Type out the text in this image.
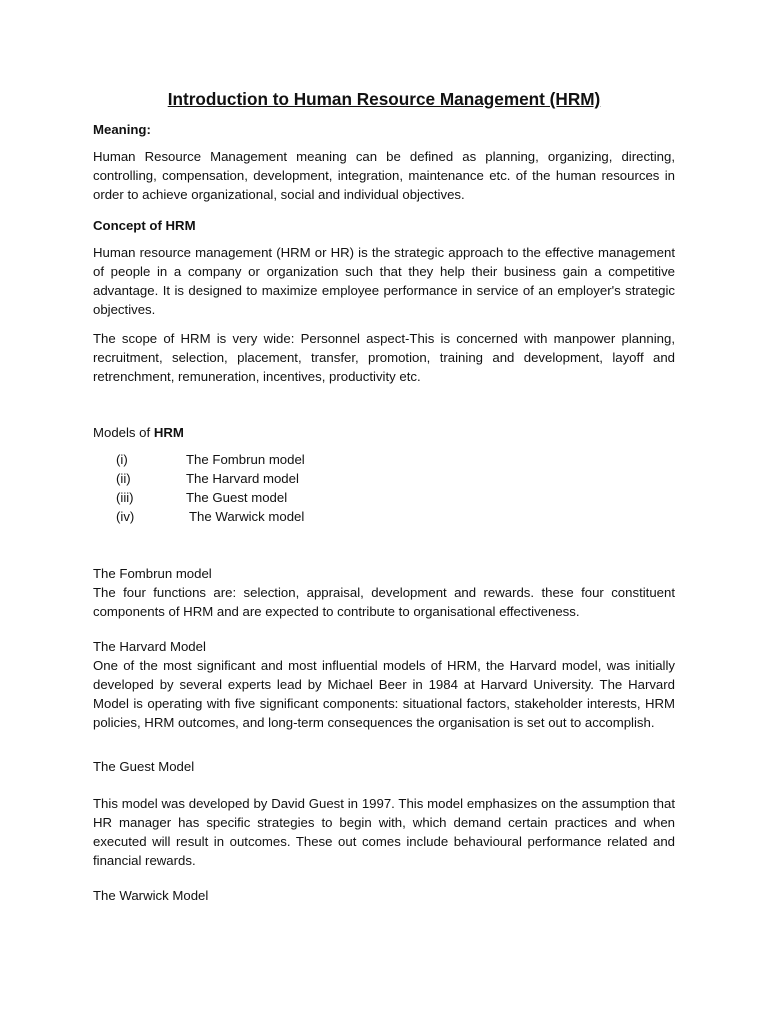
Introduction to Human Resource Management (HRM)
Meaning:
Human Resource Management meaning can be defined as planning, organizing, directing, controlling, compensation, development, integration, maintenance etc. of the human resources in order to achieve organizational, social and individual objectives.
Concept of HRM
Human resource management (HRM or HR) is the strategic approach to the effective management of people in a company or organization such that they help their business gain a competitive advantage. It is designed to maximize employee performance in service of an employer's strategic objectives.
The scope of HRM is very wide: Personnel aspect-This is concerned with manpower planning, recruitment, selection, placement, transfer, promotion, training and development, layoff and retrenchment, remuneration, incentives, productivity etc.
Models of HRM
(i)	The Fombrun model
(ii)	The Harvard model
(iii)	The Guest model
(iv)	The Warwick model
The Fombrun model
The four functions are: selection, appraisal, development and rewards. these four constituent components of HRM and are expected to contribute to organisational effectiveness.
The Harvard Model
One of the most significant and most influential models of HRM, the Harvard model, was initially developed by several experts lead by Michael Beer in 1984 at Harvard University. The Harvard Model is operating with five significant components: situational factors, stakeholder interests, HRM policies, HRM outcomes, and long-term consequences the organisation is set out to accomplish.
The Guest Model
This model was developed by David Guest in 1997. This model emphasizes on the assumption that HR manager has specific strategies to begin with, which demand certain practices and when executed will result in outcomes. These out comes include behavioural performance related and financial rewards.
The Warwick Model
